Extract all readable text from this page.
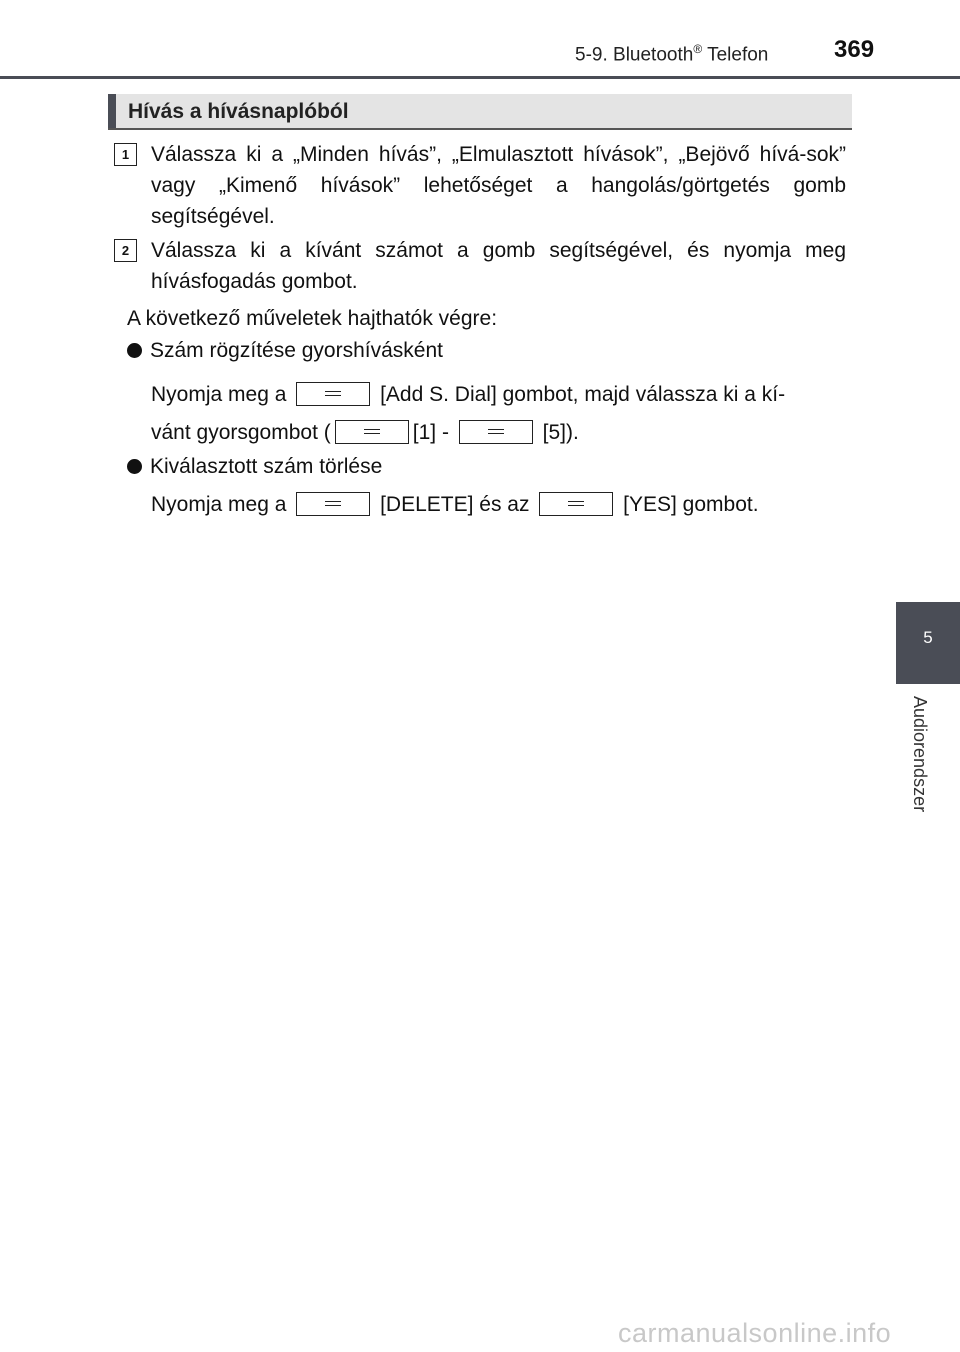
5-9. Bluetooth® Telefon	369
Hívás a hívásnaplóból
1	Válassza ki a „Minden hívás”, „Elmulasztott hívások”, „Bejövő hívá-sok” vagy „Kimenő hívások” lehetőséget a hangolás/görtgetés gomb segítségével.
2	Válassza ki a kívánt számot a gomb segítségével, és nyomja meg hívásfogadás gombot.
A következő műveletek hajthatók végre:
Szám rögzítése gyorshívásként
Nyomja meg a	[Add S. Dial] gombot, majd válassza ki a kí-
vánt gyorsgombot (	[1] -	[5]).
Kiválasztott szám törlése
Nyomja meg a	[DELETE] és az	[YES] gombot.
5
Audiorendszer
carmanualsonline.info
